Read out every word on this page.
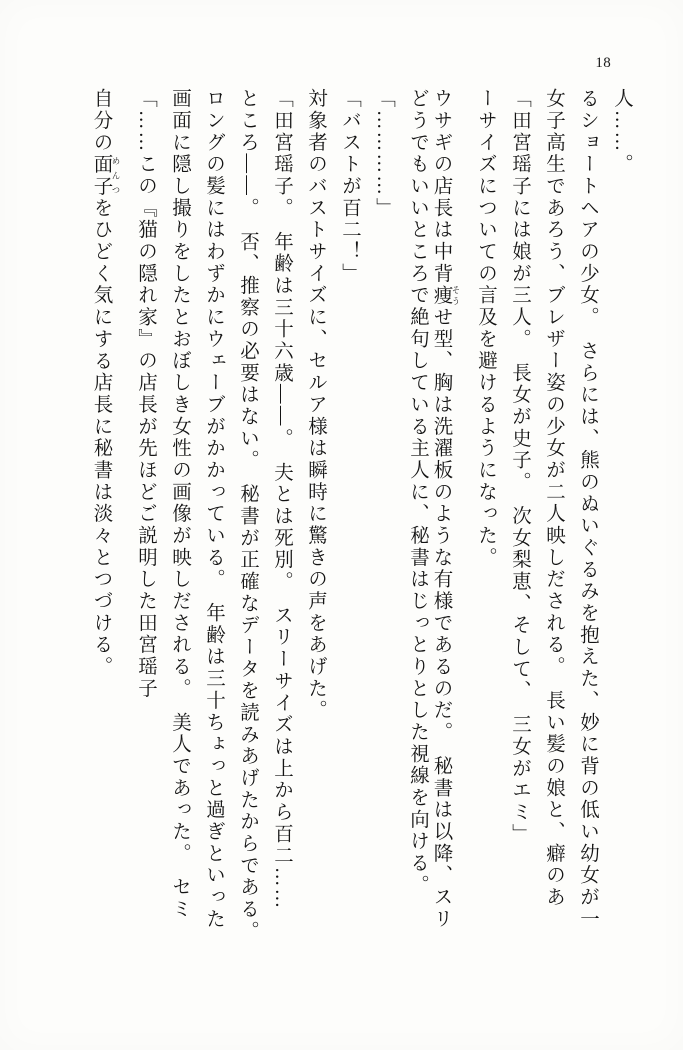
18
自分の面子 めんつをひどく気にする店長に秘書は淡々とつづける。	「……この『猫の隠れ家』の店長が先ほどご説明した田宮瑶子 画面に隠し撮りをしたとおぼしき女性の画像が映しだされる。　美人であった。　セミ ロングの髪にはわずかにウェーブがかかっている。　年齢は三十ちょっと過ぎといった ところ――。　否、推察の必要はない。　秘書が正確なデータを読みあげたからである。 「田宮瑶子。　年齢は三十六歳――。　夫とは死別。　スリーサイズは上から百二…… 対象者のバストサイズに、セルア様は瞬時に驚きの声をあげた。 「バストが百二！」 「…………」 どうでもいいところで絶句している主人に、秘書はじっとりとした視線を向ける。 ウサギの店長は中背痩 そうせ型、胸は洗濯板のような有様であるのだ。　秘書は以降、スリ	ーサイズについての言及を避けるようになった。 「田宮瑶子には娘が三人。　長女が史子。　次女梨恵、そして、　三女がエミ」 女子高生であろう、ブレザー姿の少女が二人映しだされる。　長い髪の娘と、癖のあ るショートヘアの少女。　さらには、熊のぬいぐるみを抱えた、妙に背の低い幼女が一 人……。
